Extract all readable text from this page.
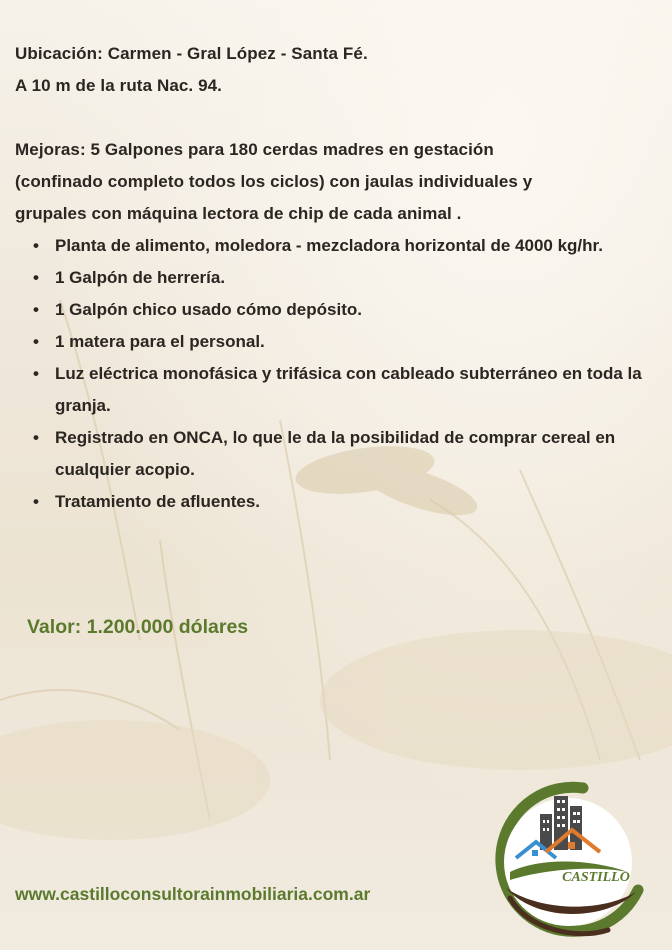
Ubicación: Carmen - Gral López - Santa Fé.
A 10 m de la ruta Nac. 94.
Mejoras: 5 Galpones para 180 cerdas madres en gestación
(confinado completo todos los ciclos) con jaulas individuales y
grupales con máquina lectora de chip de cada animal .
• Planta de alimento, moledora - mezcladora horizontal de 4000 kg/hr.
• 1 Galpón de herrería.
• 1 Galpón chico usado cómo depósito.
• 1 matera para el personal.
• Luz eléctrica monofásica y trifásica con cableado subterráneo en toda la granja.
• Registrado en ONCA, lo que le da la posibilidad de comprar cereal en cualquier acopio.
• Tratamiento de afluentes.
Valor: 1.200.000 dólares
www.castilloconsultorainmobiliaria.com.ar
CASTILLO
